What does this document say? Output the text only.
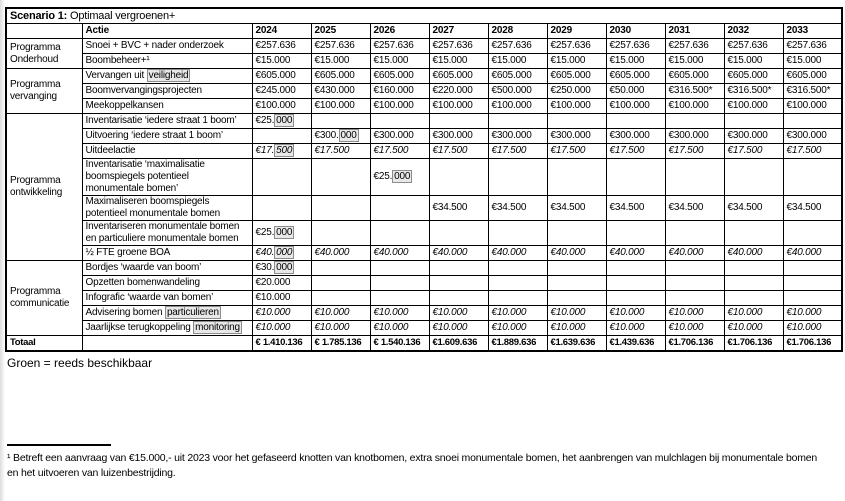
Scenario 1: Optimaal vergroenen+											
	Actie	2024	2025	2026	2027	2028	2029	2030	2031	2032	2033
Programma Onderhoud	Snoei + BVC + nader onderzoek	€257.636	€257.636	€257.636	€257.636	€257.636	€257.636	€257.636	€257.636	€257.636	€257.636
	Boombeheer+¹	€15.000	€15.000	€15.000	€15.000	€15.000	€15.000	€15.000	€15.000	€15.000	€15.000
Programma vervanging	Vervangen uit veiligheid	€605.000	€605.000	€605.000	€605.000	€605.000	€605.000	€605.000	€605.000	€605.000	€605.000
	Boomvervangingsprojecten	€245.000	€430.000	€160.000	€220.000	€500.000	€250.000	€50.000	€316.500*	€316.500*	€316.500*
	Meekoppelkansen	€100.000	€100.000	€100.000	€100.000	€100.000	€100.000	€100.000	€100.000	€100.000	€100.000
Programma ontwikkeling	Inventarisatie ‘iedere straat 1 boom’	€25. 000									
	Uitvoering ‘iedere straat 1 boom’		€300. 000	€300.000	€300.000	€300.000	€300.000	€300.000	€300.000	€300.000	€300.000
	Uitdeelactie	€17. 500	€17.500	€17.500	€17.500	€17.500	€17.500	€17.500	€17.500	€17.500	€17.500
	Inventarisatie ‘maximalisatie boomspiegels potentieel monumentale bomen’			€25. 000							
	Maximaliseren boomspiegels potentieel monumentale bomen				€34.500	€34.500	€34.500	€34.500	€34.500	€34.500	€34.500
	Inventariseren monumentale bomen en particuliere monumentale bomen	€25. 000									
	½ FTE groene BOA	€40. 000	€40.000	€40.000	€40.000	€40.000	€40.000	€40.000	€40.000	€40.000	€40.000
Programma communicatie	Bordjes ‘waarde van boom’	€30. 000									
	Opzetten bomenwandeling	€20.000									
	Infografic ‘waarde van bomen’	€10.000									
	Advisering bomen particulieren	€10.000	€10.000	€10.000	€10.000	€10.000	€10.000	€10.000	€10.000	€10.000	€10.000
	Jaarlijkse terugkoppeling monitoring	€10.000	€10.000	€10.000	€10.000	€10.000	€10.000	€10.000	€10.000	€10.000	€10.000
Totaal		€ 1.410.136	€ 1.785.136	€ 1.540.136	€1.609.636	€1.889.636	€1.639.636	€1.439.636	€1.706.136	€1.706.136	€1.706.136
Groen = reeds beschikbaar
¹ Betreft een aanvraag van €15.000,- uit 2023 voor het gefaseerd knotten van knotbomen, extra snoei monumentale bomen, het aanbrengen van mulchlagen bij monumentale bomen en het uitvoeren van luizenbestrijding.
